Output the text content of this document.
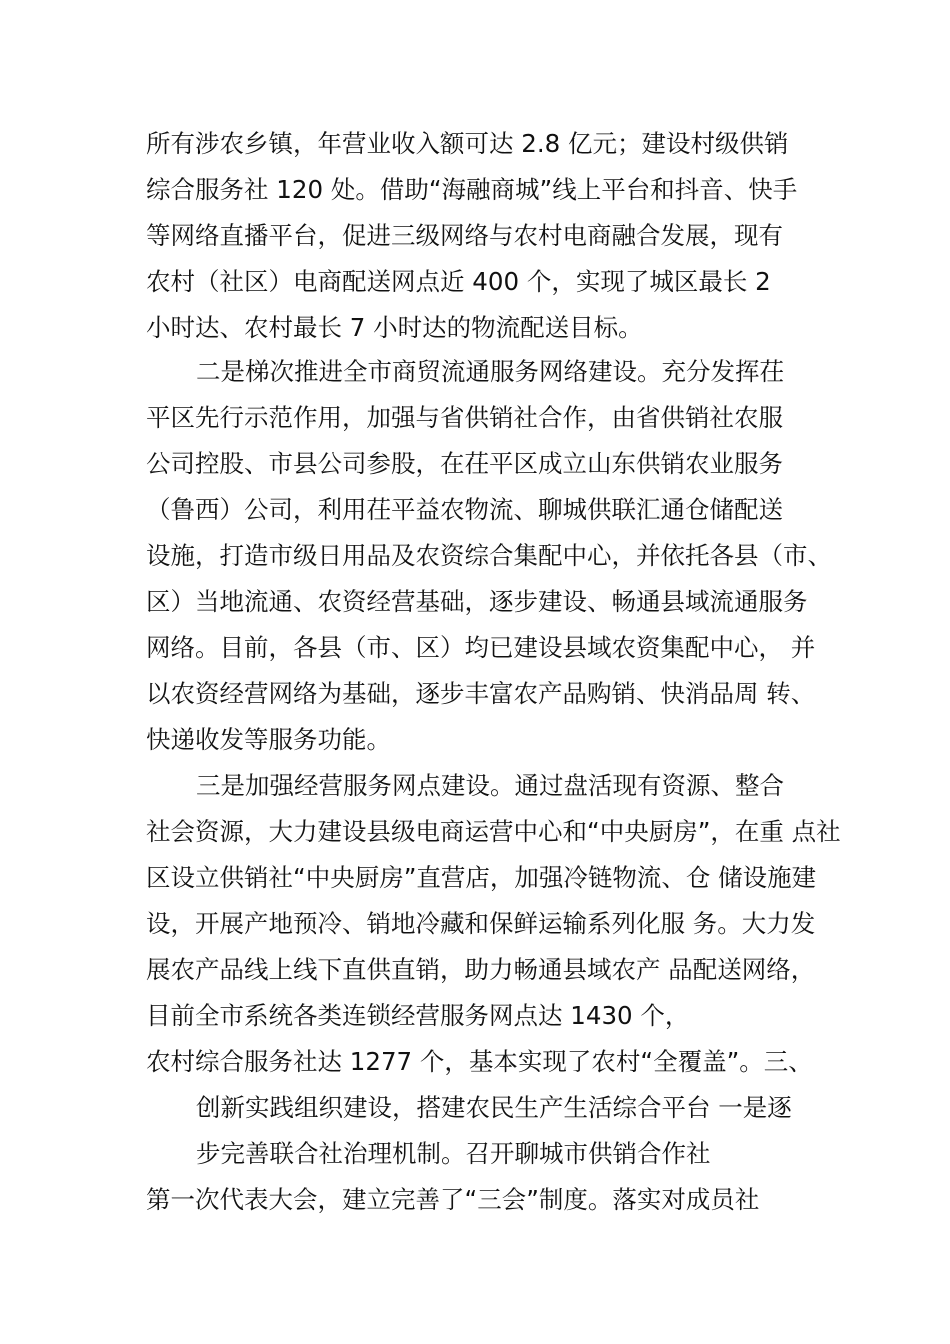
所有涉农乡镇，年营业收入额可达 2.8 亿元；建设村级供销
综合服务社 120 处。借助“海融商城”线上平台和抖音、快手
等网络直播平台，促进三级网络与农村电商融合发展，现有
农村（社区）电商配送网点近 400 个，实现了城区最长 2
小时达、农村最长 7 小时达的物流配送目标。
二是梯次推进全市商贸流通服务网络建设。充分发挥茌
平区先行示范作用，加强与省供销社合作，由省供销社农服
公司控股、市县公司参股，在茌平区成立山东供销农业服务
（鲁西）公司，利用茌平益农物流、聊城供联汇通仓储配送
设施，打造市级日用品及农资综合集配中心，并依托各县（市、
区）当地流通、农资经营基础，逐步建设、畅通县域流通服务
网络。目前，各县（市、区）均已建设县域农资集配中心， 并
以农资经营网络为基础，逐步丰富农产品购销、快消品周 转、
快递收发等服务功能。
三是加强经营服务网点建设。通过盘活现有资源、整合
社会资源，大力建设县级电商运营中心和“中央厨房”，在重 点社
区设立供销社“中央厨房”直营店，加强冷链物流、仓 储设施建
设，开展产地预冷、销地冷藏和保鲜运输系列化服 务。大力发
展农产品线上线下直供直销，助力畅通县域农产 品配送网络，
目前全市系统各类连锁经营服务网点达 1430 个，
农村综合服务社达 1277 个，基本实现了农村“全覆盖”。三、
创新实践组织建设，搭建农民生产生活综合平台 一是逐
步完善联合社治理机制。召开聊城市供销合作社
第一次代表大会，建立完善了“三会”制度。落实对成员社
